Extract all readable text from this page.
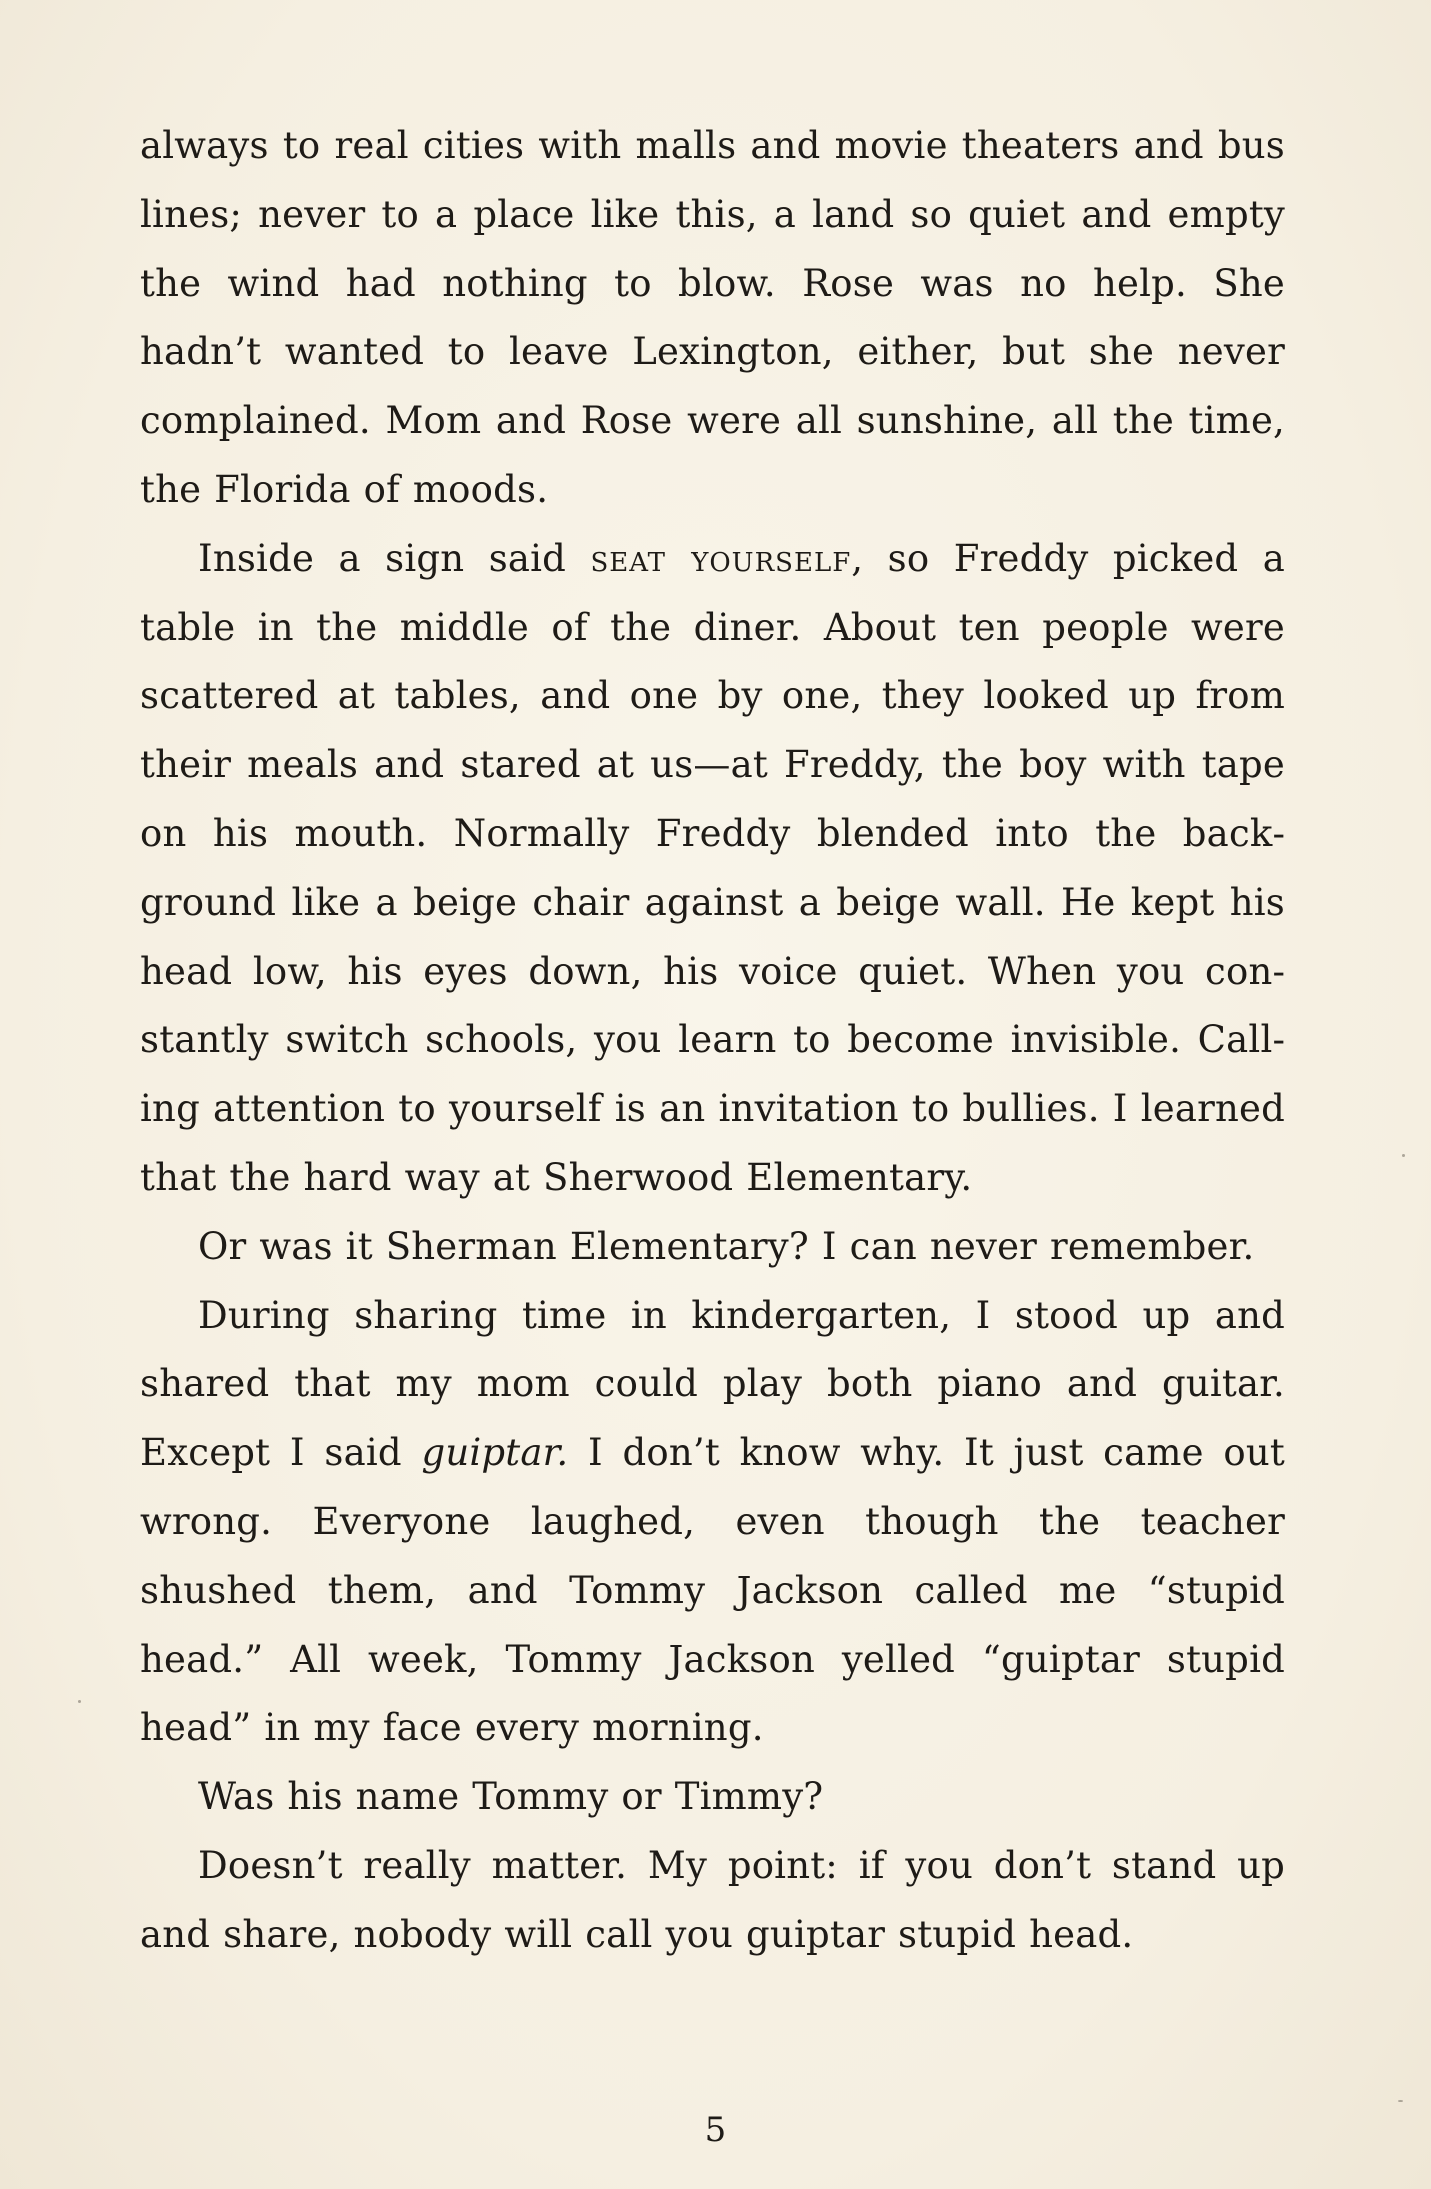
always to real cities with malls and movie theaters and bus lines; never to a place like this, a land so quiet and empty the wind had nothing to blow. Rose was no help. She hadn’t wanted to leave Lexington, either, but she never complained. Mom and Rose were all sunshine, all the time, the Florida of moods.

Inside a sign said seat yourself, so Freddy picked a table in the middle of the diner. About ten people were scattered at tables, and one by one, they looked up from their meals and stared at us—at Freddy, the boy with tape on his mouth. Normally Freddy blended into the background like a beige chair against a beige wall. He kept his head low, his eyes down, his voice quiet. When you constantly switch schools, you learn to become invisible. Calling attention to yourself is an invitation to bullies. I learned that the hard way at Sherwood Elementary.

Or was it Sherman Elementary? I can never remember.

During sharing time in kindergarten, I stood up and shared that my mom could play both piano and guitar. Except I said guiptar. I don’t know why. It just came out wrong. Everyone laughed, even though the teacher shushed them, and Tommy Jackson called me “stupid head.” All week, Tommy Jackson yelled “guiptar stupid head” in my face every morning.

Was his name Tommy or Timmy?

Doesn’t really matter. My point: if you don’t stand up and share, nobody will call you guiptar stupid head.

5
